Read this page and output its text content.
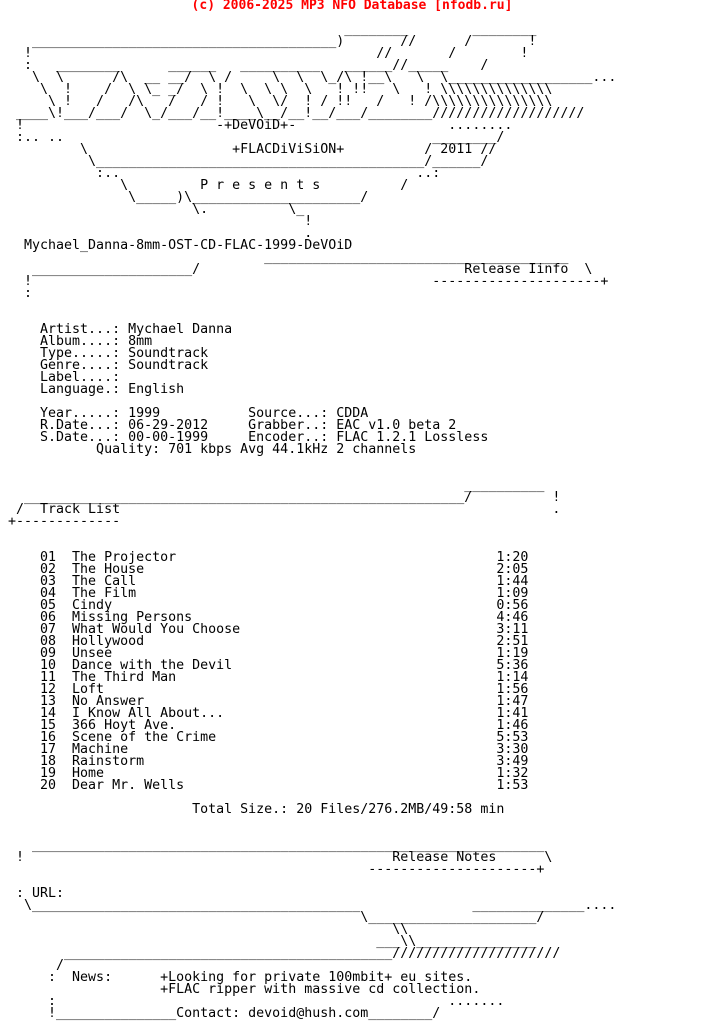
(c) 2006-2025 MP3 NFO Database [nfodb.ru]

________        ________
______________________________________)       //      /       !
!                                           //       /        !
:   ________      ______   __________   ______//_____    /
\  \      /\  __ __/  \ /     \  \  \_/\ !__\   \  \__________________...
\  !    /  \ \_ _/  \ !  \  \ \  \   ! !!   \   ! \\\\\\\\\\\\\\
\ !   /   /\   /   / !   \  \/  ! / !!   /   ! /\\\\\\\\\\\\\\\
____\!___/___/  \_/___/__!____\__/__!__/___/________///////////////////
!                        -+DeVOiD+-                   ........
:.. ..                                              ________/
\                  +FLACDiViSiON+          / 2011 //
\_________________________________________/______/
:..                                     ..:
\         P r e s e n t s          /
\_____)\_____________________/
\.          \_
!
.
Mychael_Danna-8mm-OST-CD-FLAC-1999-DeVOiD
______________________________________
____________________/                                 Release Iinfo  \
!                                                  ---------------------+
:

Artist...: Mychael Danna
Album....: 8mm
Type.....: Soundtrack
Genre....: Soundtrack
Label....:
Language.: English

Year.....: 1999           Source...: CDDA
R.Date...: 06-29-2012     Grabber..: EAC v1.0 beta 2
S.Date...: 00-00-1999     Encoder..: FLAC 1.2.1 Lossless
Quality: 701 kbps Avg 44.1kHz 2 channels

__________
_______________________________________________________/          !
/  Track List                                                      .
+-------------

01  The Projector                                        1:20
02  The House                                            2:05
03  The Call                                             1:44
04  The Film                                             1:09
05  Cindy                                                0:56
06  Missing Persons                                      4:46
07  What Would You Choose                                3:11
08  Hollywood                                            2:51
09  Unsee                                                1:19
10  Dance with the Devil                                 5:36
11  The Third Man                                        1:14
12  Loft                                                 1:56
13  No Answer                                            1:47
14  I Know All About...                                  1:41
15  366 Hoyt Ave.                                        1:46
16  Scene of the Crime                                   5:53
17  Machine                                              3:30
18  Rainstorm                                            3:49
19  Home                                                 1:32
20  Dear Mr. Wells                                       1:53

Total Size.: 20 Files/276.2MB/49:58 min

________________________________________________________________
!                                              Release Notes      \
---------------------+

: URL:
\_________________________________________              ______________....
\_____________________/
\\
___\\_______________
_________________________________________/////////////////////
/
:  News:      +Looking for private 100mbit+ eu sites.
+FLAC ripper with massive cd collection.
:                                                 .......
!_______________Contact: devoid@hush.com________/
